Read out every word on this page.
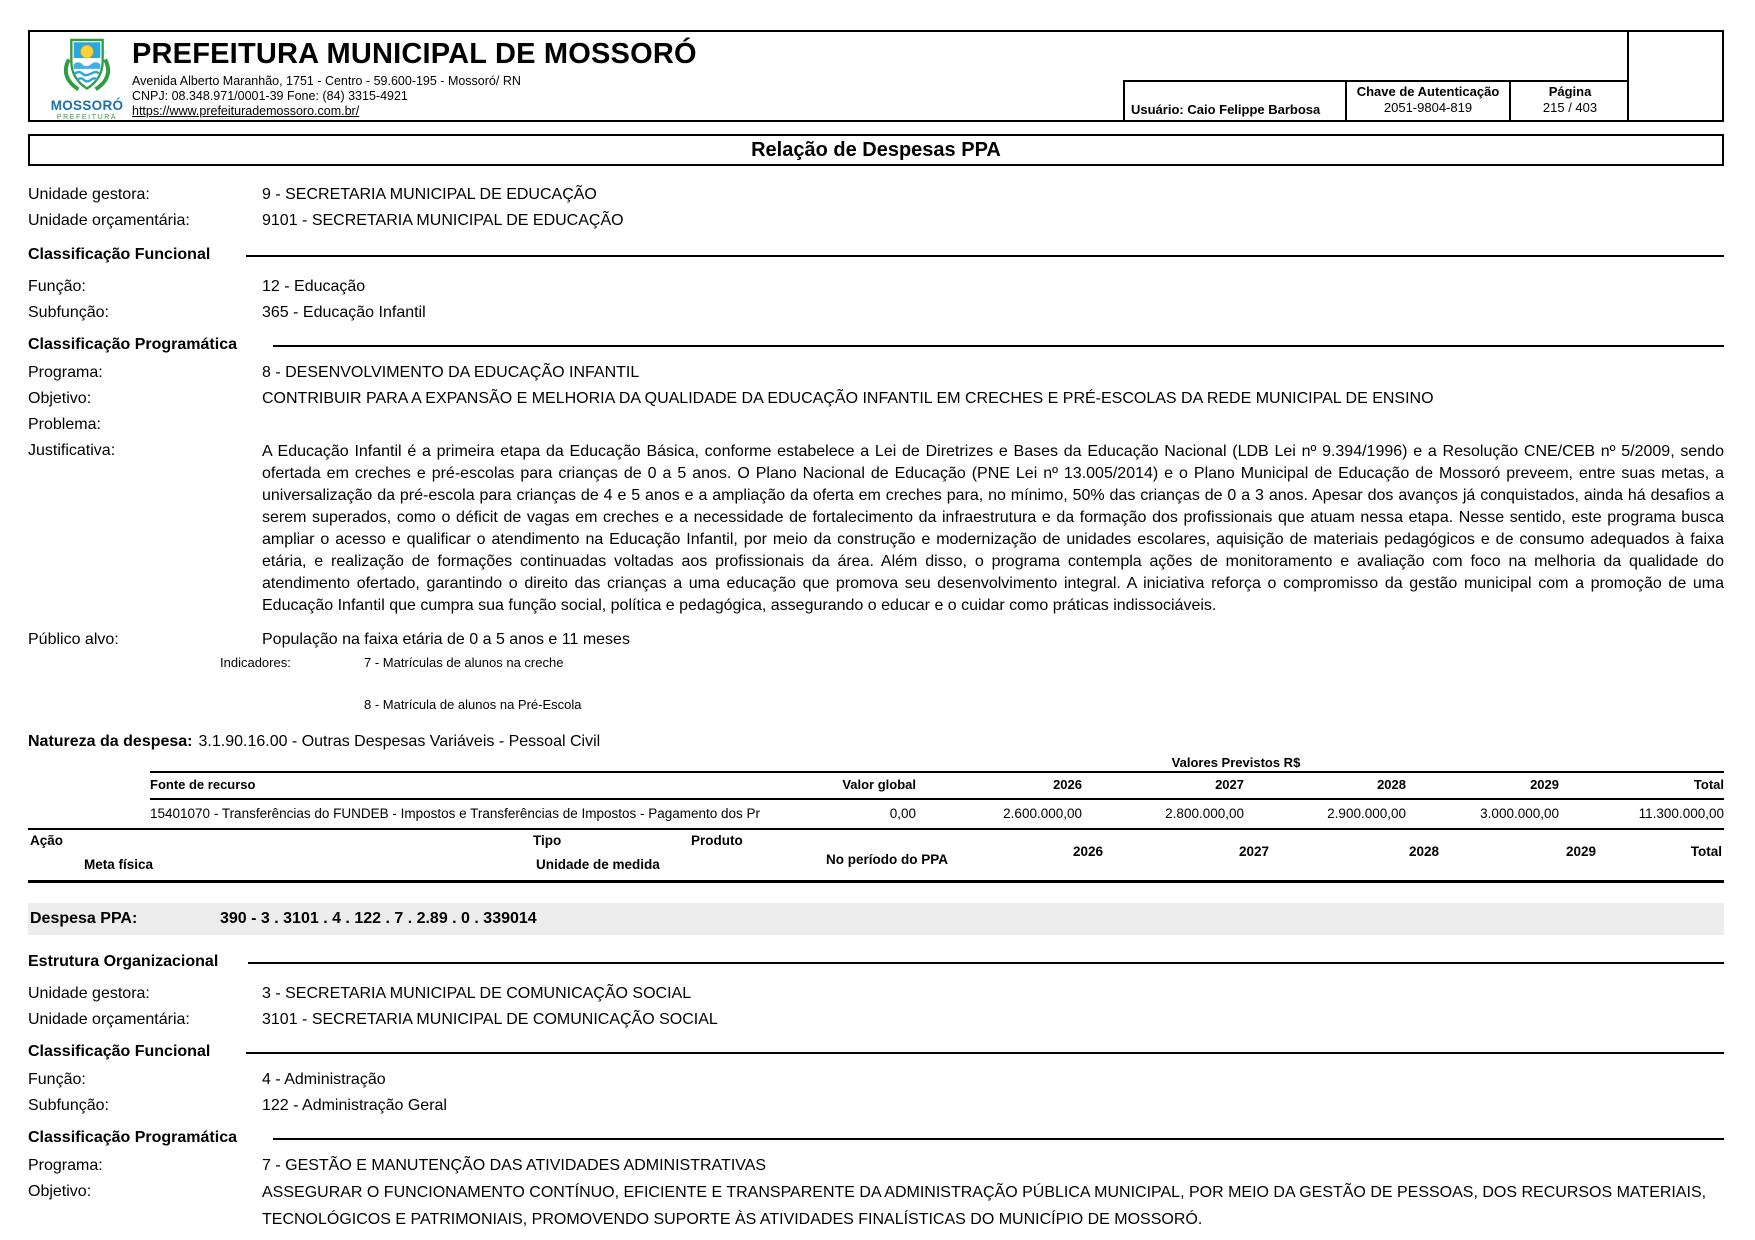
MOSSORÓ
PREFEITURA
PREFEITURA MUNICIPAL DE MOSSORÓ
Avenida Alberto Maranhão, 1751 - Centro - 59.600-195 - Mossoró/ RN
CNPJ: 08.348.971/0001-39 Fone: (84) 3315-4921
https://www.prefeiturademossoro.com.br/	Usuário: Caio Felippe Barbosa
Chave de Autenticação
2051-9804-819
Página
215 / 403
Relação de Despesas PPA
Unidade gestora:	9 - SECRETARIA MUNICIPAL DE EDUCAÇÃO
Unidade orçamentária:	9101 - SECRETARIA MUNICIPAL DE EDUCAÇÃO
Classificação Funcional
Função:	12 - Educação
Subfunção:	365 - Educação Infantil
Classificação Programática
Programa:	8 - DESENVOLVIMENTO DA EDUCAÇÃO INFANTIL
Objetivo:	CONTRIBUIR PARA A EXPANSÃO E MELHORIA DA QUALIDADE DA EDUCAÇÃO INFANTIL EM CRECHES E PRÉ-ESCOLAS DA REDE MUNICIPAL DE ENSINO
Problema:
Justificativa:	A Educação Infantil é a primeira etapa da Educação Básica, conforme estabelece a Lei de Diretrizes e Bases da Educação Nacional (LDB Lei nº 9.394/1996) e a Resolução CNE/CEB nº 5/2009, sendo ofertada em creches e pré-escolas para crianças de 0 a 5 anos. O Plano Nacional de Educação (PNE Lei nº 13.005/2014) e o Plano Municipal de Educação de Mossoró preveem, entre suas metas, a universalização da pré-escola para crianças de 4 e 5 anos e a ampliação da oferta em creches para, no mínimo, 50% das crianças de 0 a 3 anos. Apesar dos avanços já conquistados, ainda há desafios a serem superados, como o déficit de vagas em creches e a necessidade de fortalecimento da infraestrutura e da formação dos profissionais que atuam nessa etapa. Nesse sentido, este programa busca ampliar o acesso e qualificar o atendimento na Educação Infantil, por meio da construção e modernização de unidades escolares, aquisição de materiais pedagógicos e de consumo adequados à faixa etária, e realização de formações continuadas voltadas aos profissionais da área. Além disso, o programa contempla ações de monitoramento e avaliação com foco na melhoria da qualidade do atendimento ofertado, garantindo o direito das crianças a uma educação que promova seu desenvolvimento integral. A iniciativa reforça o compromisso da gestão municipal com a promoção de uma Educação Infantil que cumpra sua função social, política e pedagógica, assegurando o educar e o cuidar como práticas indissociáveis.
Público alvo:	População na faixa etária de 0 a 5 anos e 11 meses
Indicadores:	7 - Matrículas de alunos na creche
8 - Matrícula de alunos na Pré-Escola
Natureza da despesa: 3.1.90.16.00 - Outras Despesas Variáveis - Pessoal Civil
Valores Previstos R$
Fonte de recurso	Valor global	2026	2027	2028	2029	Total
15401070 - Transferências do FUNDEB - Impostos e Transferências de Impostos - Pagamento dos Pr	0,00	2.600.000,00	2.800.000,00	2.900.000,00	3.000.000,00	11.300.000,00
Ação	Tipo	Produto
Meta física	Unidade de medida	No período do PPA
2026	2027	2028	2029	Total
Despesa PPA:	390 - 3 . 3101 . 4 . 122 . 7 . 2.89 . 0 . 339014
Estrutura Organizacional
Unidade gestora:	3 - SECRETARIA MUNICIPAL DE COMUNICAÇÃO SOCIAL
Unidade orçamentária:	3101 - SECRETARIA MUNICIPAL DE COMUNICAÇÃO SOCIAL
Classificação Funcional
Função:	4 - Administração
Subfunção:	122 - Administração Geral
Classificação Programática
Programa:	7 - GESTÃO E MANUTENÇÃO DAS ATIVIDADES ADMINISTRATIVAS
Objetivo:	ASSEGURAR O FUNCIONAMENTO CONTÍNUO, EFICIENTE E TRANSPARENTE DA ADMINISTRAÇÃO PÚBLICA MUNICIPAL, POR MEIO DA GESTÃO DE PESSOAS, DOS RECURSOS MATERIAIS, TECNOLÓGICOS E PATRIMONIAIS, PROMOVENDO SUPORTE ÀS ATIVIDADES FINALÍSTICAS DO MUNICÍPIO DE MOSSORÓ.
